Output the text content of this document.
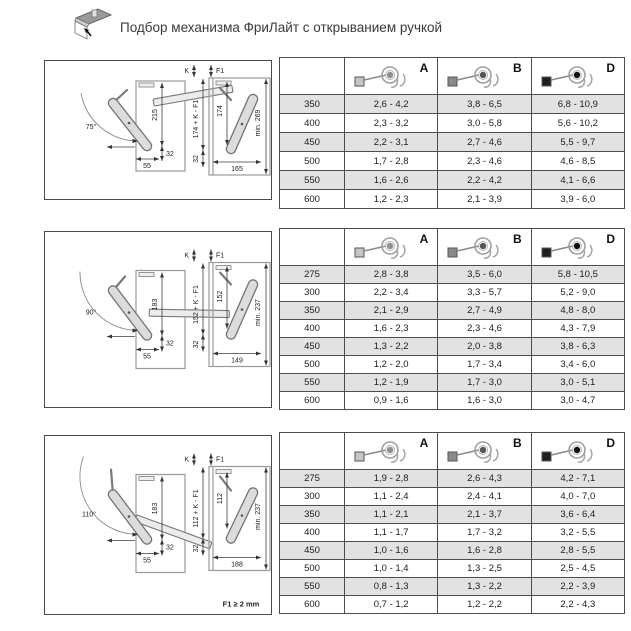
Подбор механизма ФриЛайт с открыванием ручкой
75°
215
32
55
K	F1
174 + K - F1
32
174	min. 269
165

	A	B	D

350	2,6 - 4,2	3,8 - 6,5	6,8 - 10,9
400	2,3 - 3,2	3,0 - 5,8	5,6 - 10,2
450	2,2 - 3,1	2,7 - 4,6	5,5 - 9,7
500	1,7 - 2,8	2,3 - 4,6	4,6 - 8,5
550	1,6 - 2,6	2,2 - 4,2	4,1 - 6,6
600	1,2 - 2,3	2,1 - 3,9	3,9 - 6,0
90°
183
32
55
K	F1
152 + K - F1
32
152
min. 237
149

	A	B	D

275	2,8 - 3,8	3,5 - 6,0	5,8 - 10,5
300	2,2 - 3,4	3,3 - 5,7	5,2 - 9,0
350	2,1 - 2,9	2,7 - 4,9	4,8 - 8,0
400	1,6 - 2,3	2,3 - 4,6	4,3 - 7,9
450	1,3 - 2,2	2,0 - 3,8	3,8 - 6,3
500	1,2 - 2,0	1,7 - 3,4	3,4 - 6,0
550	1,2 - 1,9	1,7 - 3,0	3,0 - 5,1
600	0,9 - 1,6	1,6 - 3,0	3,0 - 4,7
110°
183
32
55
K	F1
112 + K - F1
32
112
min. 237
188
F1 ≥ 2 mm

	A	B	D

275	1,9 - 2,8	2,6 - 4,3	4,2 - 7,1
300	1,1 - 2,4	2,4 - 4,1	4,0 - 7,0
350	1,1 - 2,1	2,1 - 3,7	3,6 - 6,4
400	1,1 - 1,7	1,7 - 3,2	3,2 - 5,5
450	1,0 - 1,6	1,6 - 2,8	2,8 - 5,5
500	1,0 - 1,4	1,3 - 2,5	2,5 - 4,5
550	0,8 - 1,3	1,3 - 2,2	2,2 - 3,9
600	0,7 - 1,2	1,2 - 2,2	2,2 - 4,3
